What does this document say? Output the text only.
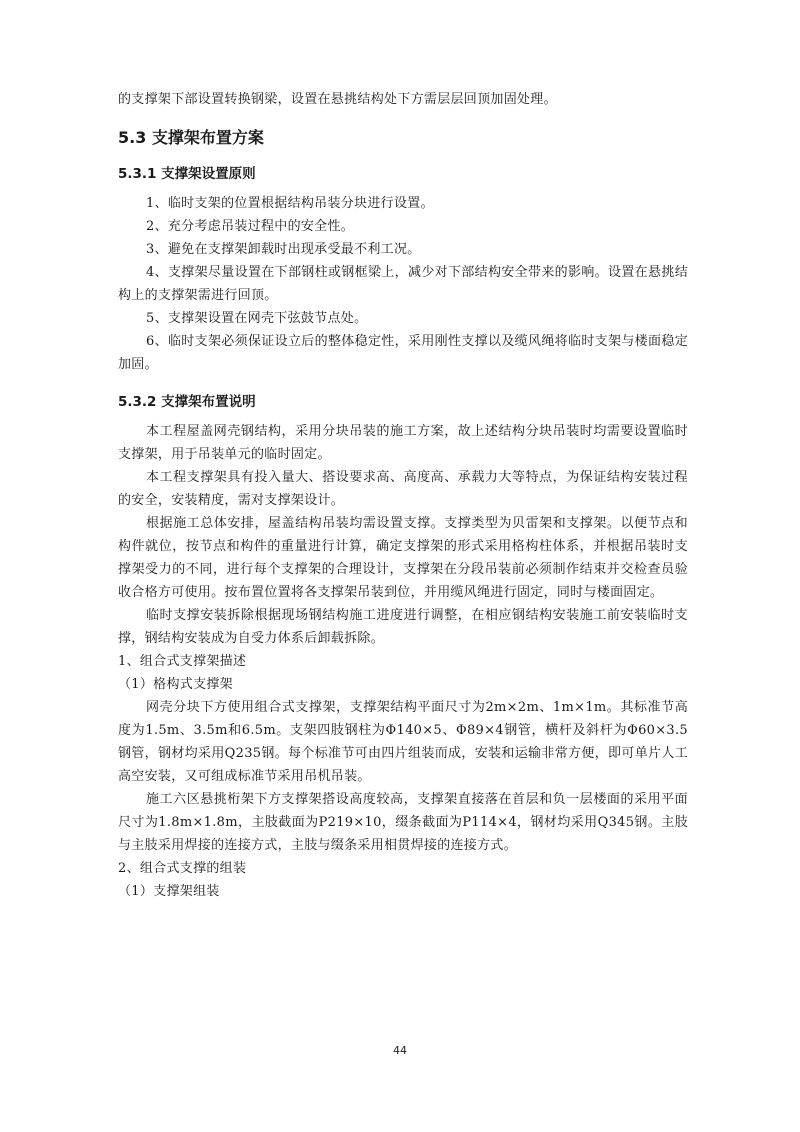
的支撑架下部设置转换钢梁，设置在悬挑结构处下方需层层回顶加固处理。

5.3 支撑架布置方案
5.3.1 支撑架设置原则

1、临时支架的位置根据结构吊装分块进行设置。

2、充分考虑吊装过程中的安全性。

3、避免在支撑架卸载时出现承受最不利工况。

4、支撑架尽量设置在下部钢柱或钢框梁上，减少对下部结构安全带来的影响。设置在悬挑结构上的支撑架需进行回顶。

5、支撑架设置在网壳下弦鼓节点处。

6、临时支架必须保证设立后的整体稳定性，采用刚性支撑以及缆风绳将临时支架与楼面稳定加固。

5.3.2 支撑架布置说明

本工程屋盖网壳钢结构，采用分块吊装的施工方案，故上述结构分块吊装时均需要设置临时支撑架，用于吊装单元的临时固定。

本工程支撑架具有投入量大、搭设要求高、高度高、承载力大等特点，为保证结构安装过程的安全，安装精度，需对支撑架设计。

根据施工总体安排，屋盖结构吊装均需设置支撑。支撑类型为贝雷架和支撑架。以便节点和构件就位，按节点和构件的重量进行计算，确定支撑架的形式采用格构柱体系，并根据吊装时支撑架受力的不同，进行每个支撑架的合理设计，支撑架在分段吊装前必须制作结束并交检查员验收合格方可使用。按布置位置将各支撑架吊装到位，并用缆风绳进行固定，同时与楼面固定。

临时支撑安装拆除根据现场钢结构施工进度进行调整，在相应钢结构安装施工前安装临时支撑，钢结构安装成为自受力体系后卸载拆除。

1、组合式支撑架描述

（1）格构式支撑架

网壳分块下方使用组合式支撑架，支撑架结构平面尺寸为2m×2m、1m×1m。其标准节高度为1.5m、3.5m和6.5m。支架四肢钢柱为Φ140×5、Φ89×4钢管，横杆及斜杆为Φ60×3.5钢管，钢材均采用Q235钢。每个标准节可由四片组装而成，安装和运输非常方便，即可单片人工高空安装，又可组成标准节采用吊机吊装。

施工六区悬挑桁架下方支撑架搭设高度较高，支撑架直接落在首层和负一层楼面的采用平面尺寸为1.8m×1.8m，主肢截面为P219×10，缀条截面为P114×4，钢材均采用Q345钢。主肢与主肢采用焊接的连接方式，主肢与缀条采用相贯焊接的连接方式。

2、组合式支撑的组装

（1）支撑架组装

44
